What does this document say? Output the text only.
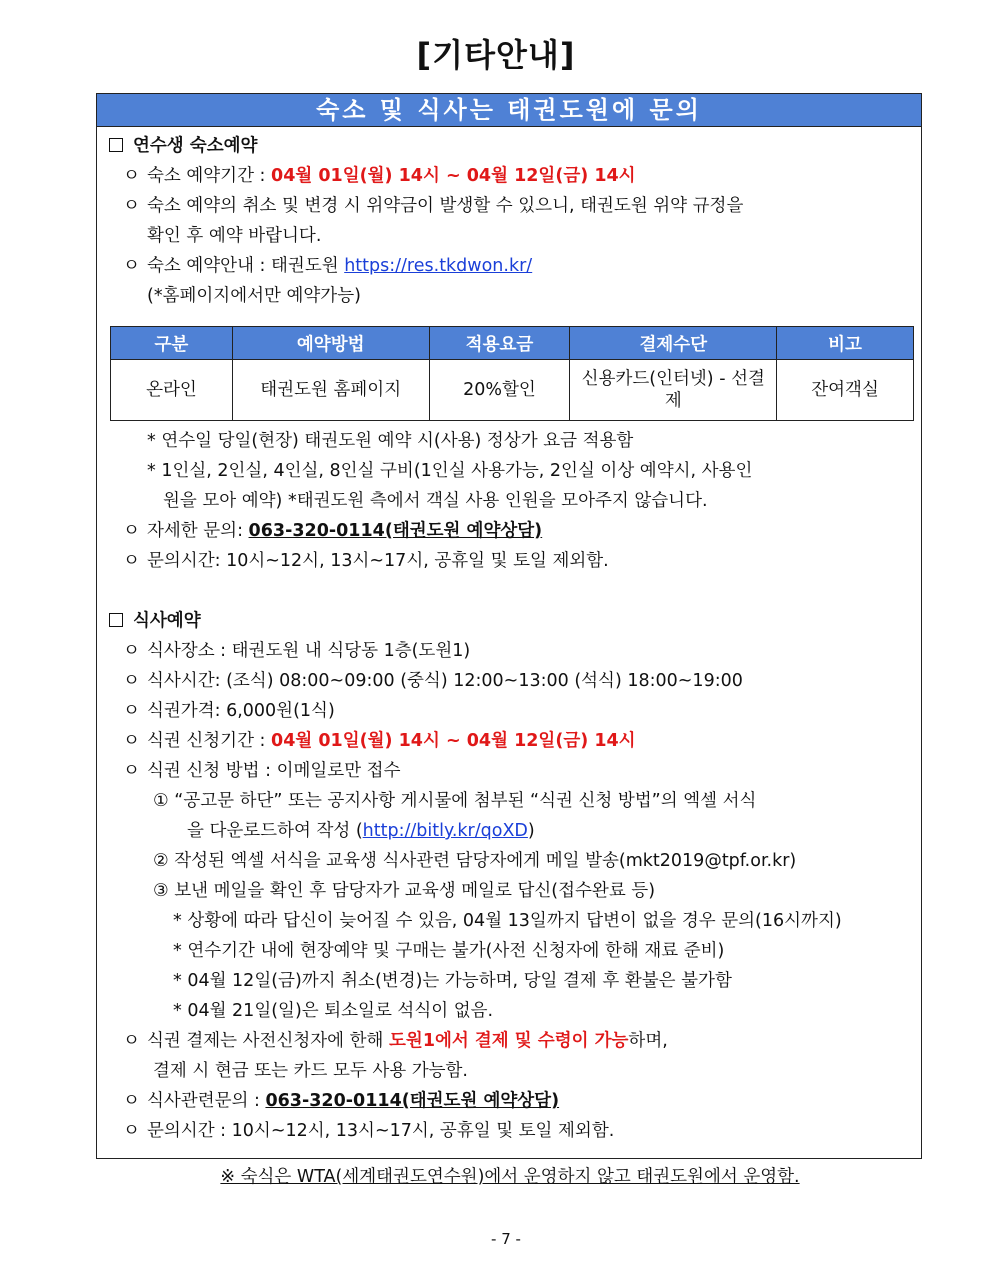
[기타안내]
숙소 및 식사는 태권도원에 문의
연수생 숙소예약
ㅇ 숙소 예약기간 : 04월 01일(월) 14시 ~ 04월 12일(금) 14시
ㅇ 숙소 예약의 취소 및 변경 시 위약금이 발생할 수 있으니, 태권도원 위약 규정을
확인 후 예약 바랍니다.
ㅇ 숙소 예약안내 : 태권도원 https://res.tkdwon.kr/
(*홈페이지에서만 예약가능)
구분	예약방법	적용요금	결제수단	비고
온라인	태권도원 홈페이지	20%할인	신용카드(인터넷) - 선결제	잔여객실
* 연수일 당일(현장) 태권도원 예약 시(사용) 정상가 요금 적용함
* 1인실, 2인실, 4인실, 8인실 구비(1인실 사용가능, 2인실 이상 예약시, 사용인
원을 모아 예약) *태권도원 측에서 객실 사용 인원을 모아주지 않습니다.
ㅇ 자세한 문의: 063-320-0114(태권도원 예약상담)
ㅇ 문의시간: 10시~12시, 13시~17시, 공휴일 및 토일 제외함.
식사예약
ㅇ 식사장소 : 태권도원 내 식당동 1층(도원1)
ㅇ 식사시간: (조식) 08:00~09:00 (중식) 12:00~13:00 (석식) 18:00~19:00
ㅇ 식권가격: 6,000원(1식)
ㅇ 식권 신청기간 : 04월 01일(월) 14시 ~ 04월 12일(금) 14시
ㅇ 식권 신청 방법 : 이메일로만 접수
① “공고문 하단” 또는 공지사항 게시물에 첨부된 “식권 신청 방법”의 엑셀 서식
을 다운로드하여 작성 (http://bitly.kr/qoXD)
② 작성된 엑셀 서식을 교육생 식사관련 담당자에게 메일 발송(mkt2019@tpf.or.kr)
③ 보낸 메일을 확인 후 담당자가 교육생 메일로 답신(접수완료 등)
* 상황에 따라 답신이 늦어질 수 있음, 04월 13일까지 답변이 없을 경우 문의(16시까지)
* 연수기간 내에 현장예약 및 구매는 불가(사전 신청자에 한해 재료 준비)
* 04월 12일(금)까지 취소(변경)는 가능하며, 당일 결제 후 환불은 불가함
* 04월 21일(일)은 퇴소일로 석식이 없음.
ㅇ 식권 결제는 사전신청자에 한해 도원1에서 결제 및 수령이 가능하며,
결제 시 현금 또는 카드 모두 사용 가능함.
ㅇ 식사관련문의 : 063-320-0114(태권도원 예약상담)
ㅇ 문의시간 : 10시~12시, 13시~17시, 공휴일 및 토일 제외함.
※ 숙식은 WTA(세계태권도연수원)에서 운영하지 않고 태권도원에서 운영함.
- 7 -
